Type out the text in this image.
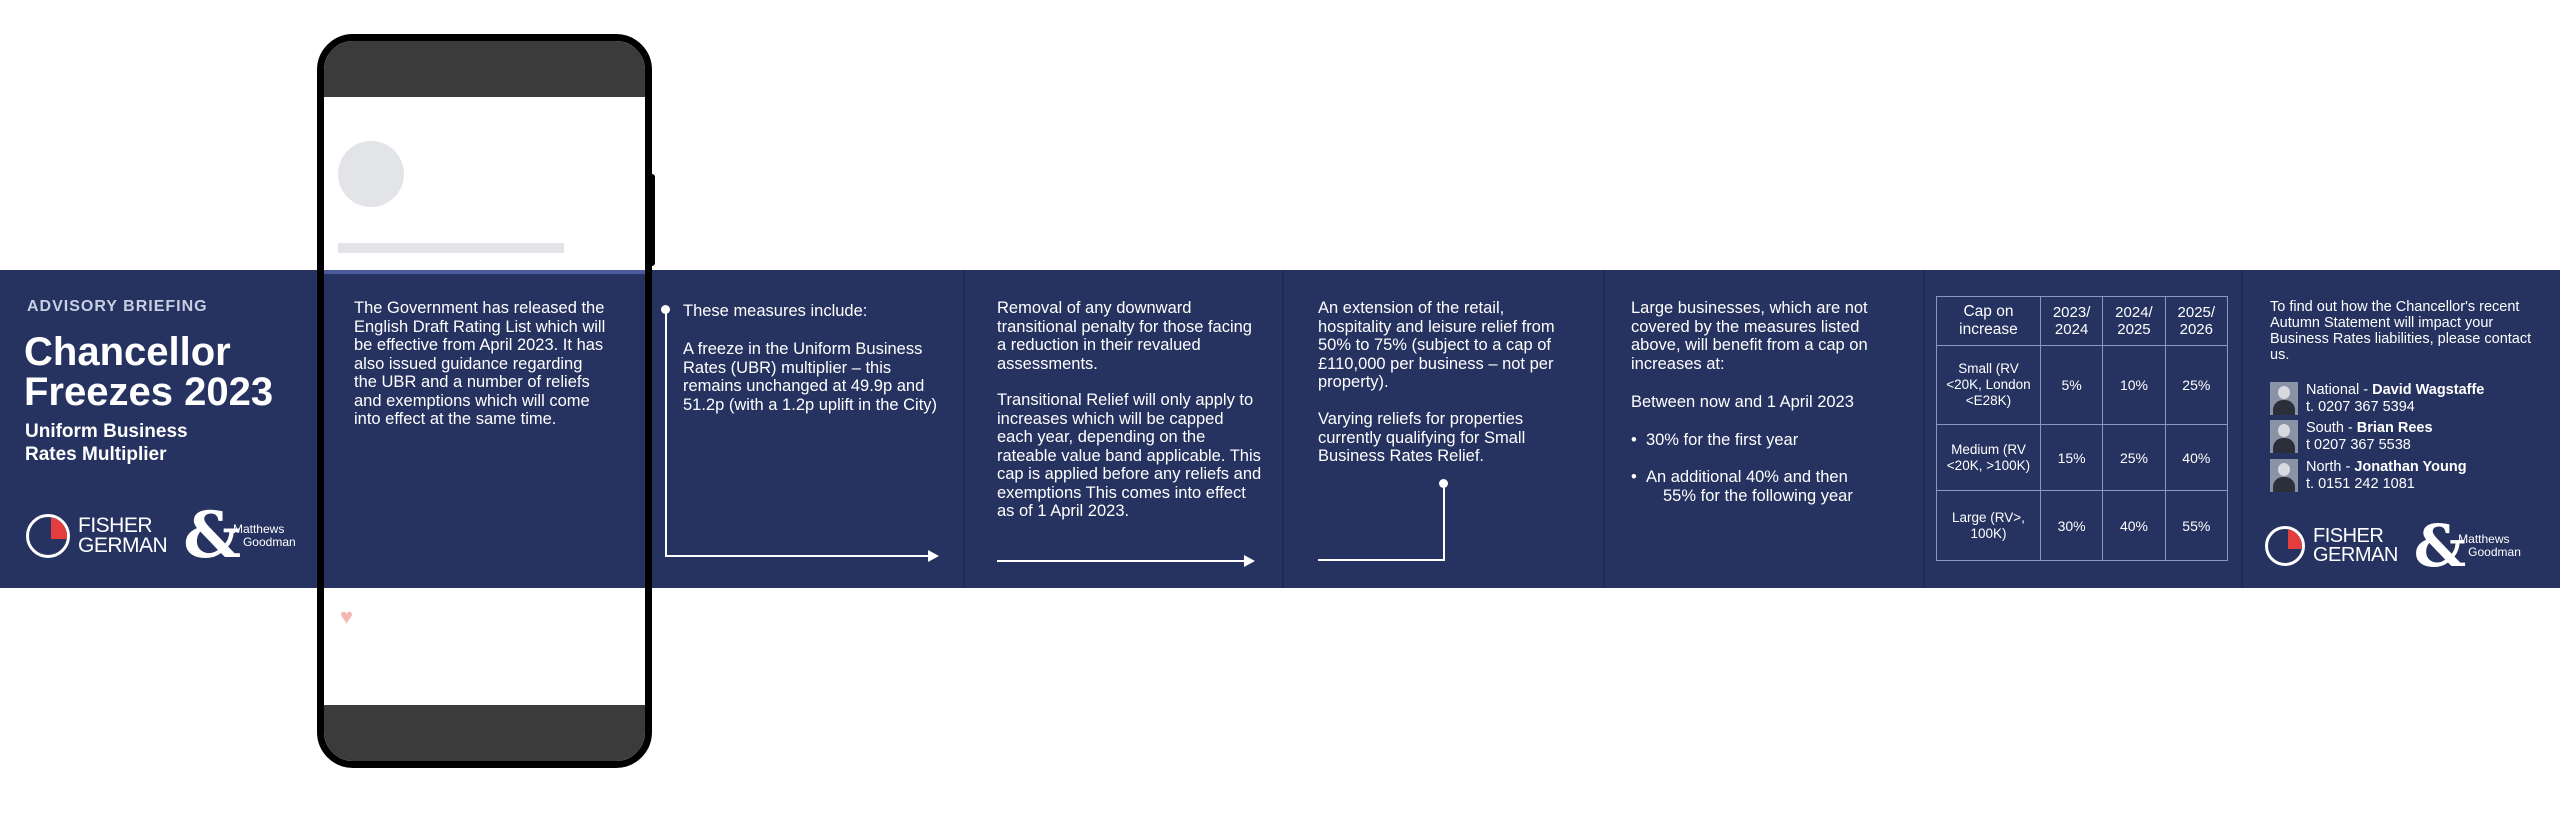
ADVISORY BRIEFING
Chancellor
Freezes 2023
Uniform Business
Rates Multiplier
FISHER
GERMAN &
Matthews
Goodman
The Government has released the English Draft Rating List which will be effective from April 2023. It has also issued guidance regarding the UBR and a number of reliefs and exemptions which will come into effect at the same time.
These measures include:
A freeze in the Uniform Business Rates (UBR) multiplier – this remains unchanged at 49.9p and 51.2p (with a 1.2p uplift in the City)
Removal of any downward transitional penalty for those facing a reduction in their revalued assessments.
Transitional Relief will only apply to increases which will be capped each year, depending on the rateable value band applicable. This cap is applied before any reliefs and exemptions This comes into effect as of 1 April 2023.
An extension of the retail, hospitality and leisure relief from 50% to 75% (subject to a cap of £110,000 per business – not per property).
Varying reliefs for properties currently qualifying for Small Business Rates Relief.
Large businesses, which are not covered by the measures listed above, will benefit from a cap on increases at:
Between now and 1 April 2023
•  30% for the first year
•  An additional 40% and then
55% for the following year
Cap on increase	2023/ 2024	2024/ 2025	2025/ 2026
Small (RV <20K, London <E28K)	5%	10%	25%
Medium (RV <20K, >100K)	15%	25%	40%
Large (RV>, 100K)	30%	40%	55%
To find out how the Chancellor's recent Autumn Statement will impact your Business Rates liabilities, please contact us.
National - David Wagstaffe
t. 0207 367 5394
South - Brian Rees
t 0207 367 5538
North - Jonathan Young
t. 0151 242 1081
FISHER
GERMAN &
Matthews
Goodman
♥
